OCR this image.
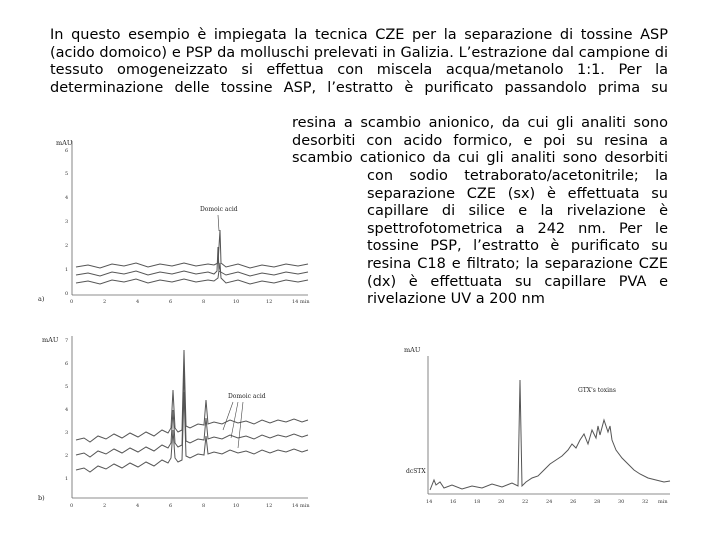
In questo esempio è impiegata la tecnica CZE per la separazione di tossine ASP
(acido domoico) e PSP da molluschi prelevati in Galizia. L’estrazione dal campione di
tessuto omogeneizzato si effettua con miscela acqua/metanolo 1:1. Per la
determinazione delle tossine ASP, l’estratto è purificato passandolo prima su
resina a scambio anionico, da cui gli analiti sono
desorbiti con acido formico, e poi su resina a
scambio cationico da cui gli analiti sono desorbiti
con sodio tetraborato/acetonitrile; la
separazione CZE (sx) è effettuata su
capillare di silice e la rivelazione è
spettrofotometrica a 242 nm. Per le
tossine PSP, l’estratto è purificato su
resina C18 e filtrato; la separazione CZE
(dx) è effettuata su capillare PVA e
rivelazione UV a 200 nm
mAU
6
5
4
3
2
1
0
0	2	4	6	8	10	12	14 min
Domoic acid
a)
mAU 7
6
5
4
3
2
1
0	2	4	6	8	10	12	14 min
Domoic acid
b)
mAU
14	16	18	20	22	24	26	28	30	32 min
dcSTX
GTX's toxins
